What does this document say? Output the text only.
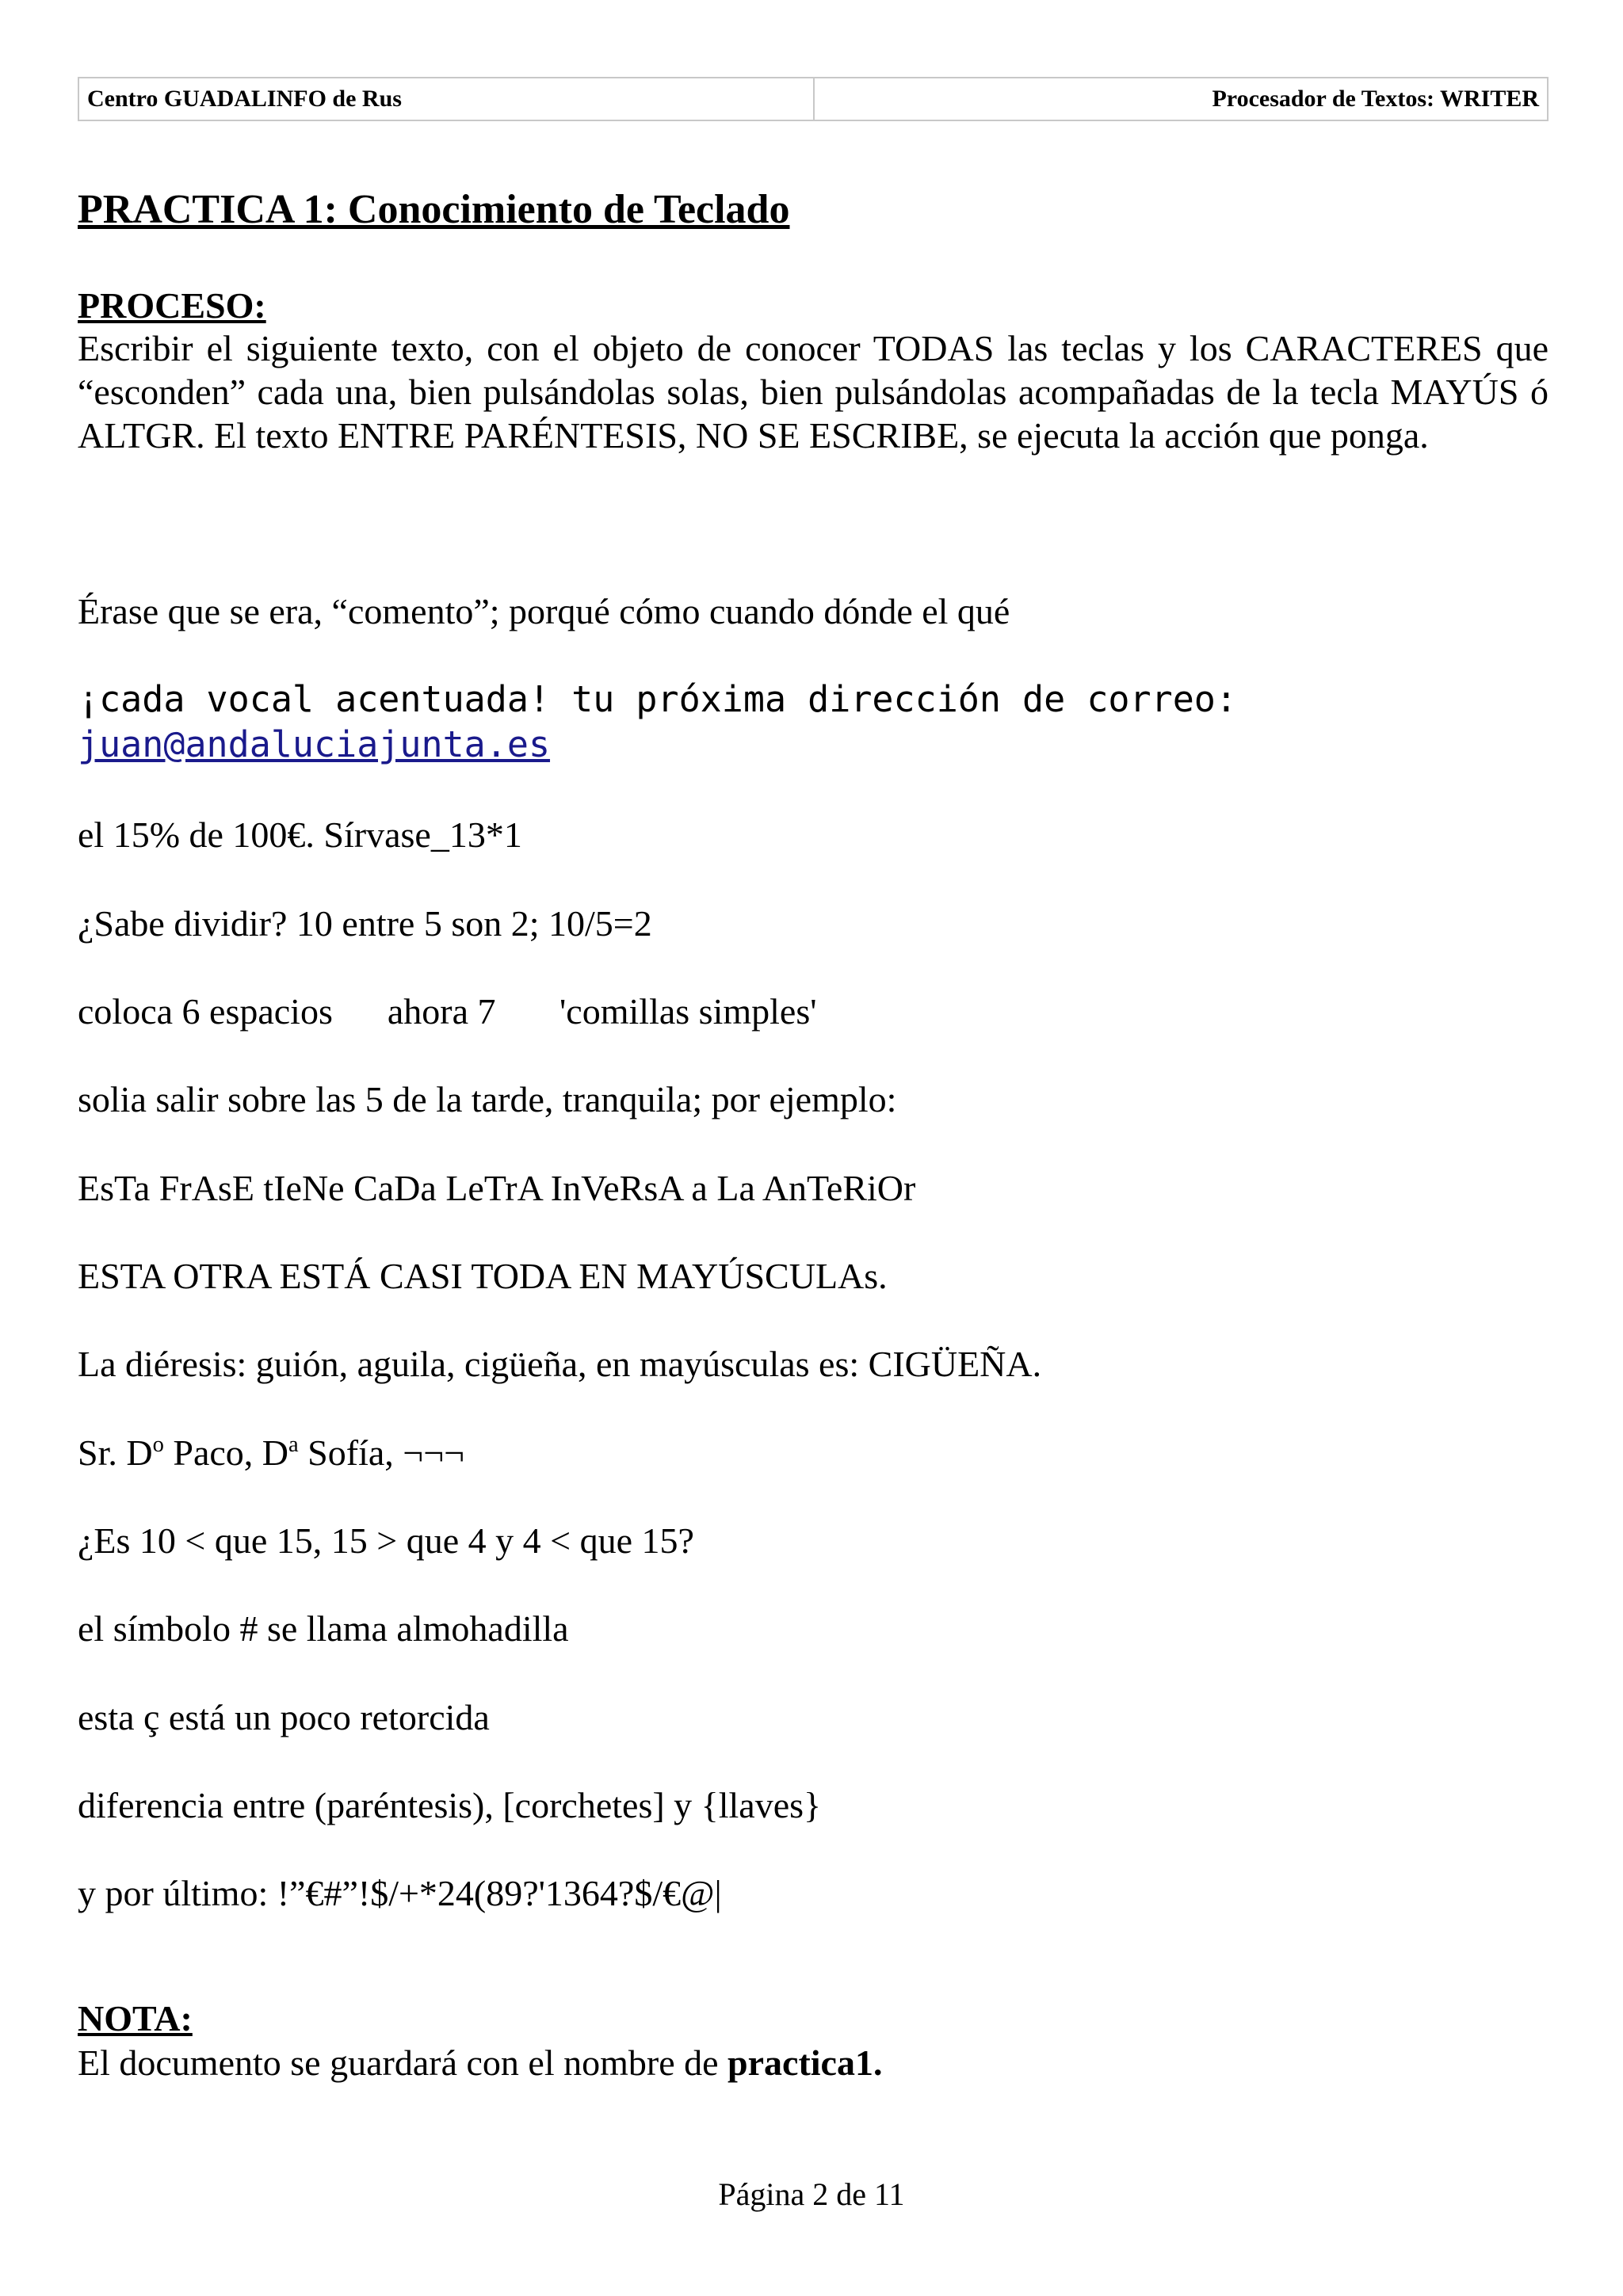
Centro GUADALINFO de Rus	Procesador de Textos: WRITER
PRACTICA 1: Conocimiento de Teclado
PROCESO:
Escribir el siguiente texto, con el objeto de conocer TODAS las teclas y los CARACTERES que “esconden” cada una, bien pulsándolas solas, bien pulsándolas acompañadas de la tecla MAYÚS ó ALTGR. El texto ENTRE PARÉNTESIS, NO SE ESCRIBE, se ejecuta la acción que ponga.
Érase que se era, “comento”; porqué cómo cuando dónde el qué
¡cada vocal acentuada! tu próxima dirección de correo:
juan@andaluciajunta.es
el 15% de 100€. Sírvase_13*1
¿Sabe dividir? 10 entre 5 son 2; 10/5=2
coloca 6 espacios      ahora 7       'comillas simples'
solia salir sobre las 5 de la tarde, tranquila; por ejemplo:
EsTa FrAsE tIeNe CaDa LeTrA InVeRsA a La AnTeRiOr
ESTA OTRA ESTÁ CASI TODA EN MAYÚSCULAs.
La diéresis: guión, aguila, cigüeña, en mayúsculas es: CIGÜEÑA.
Sr. $D^o$ Paco, $D^a$ Sofía, ¬¬¬
¿Es 10 < que 15, 15 > que 4 y 4 < que 15?
el símbolo # se llama almohadilla
esta ç está un poco retorcida
diferencia entre (paréntesis), [corchetes] y {llaves}
y por último: !”€#”!$/+*24(89?'1364?$/€@|
NOTA:
El documento se guardará con el nombre de practica1.
Página 2 de 11
